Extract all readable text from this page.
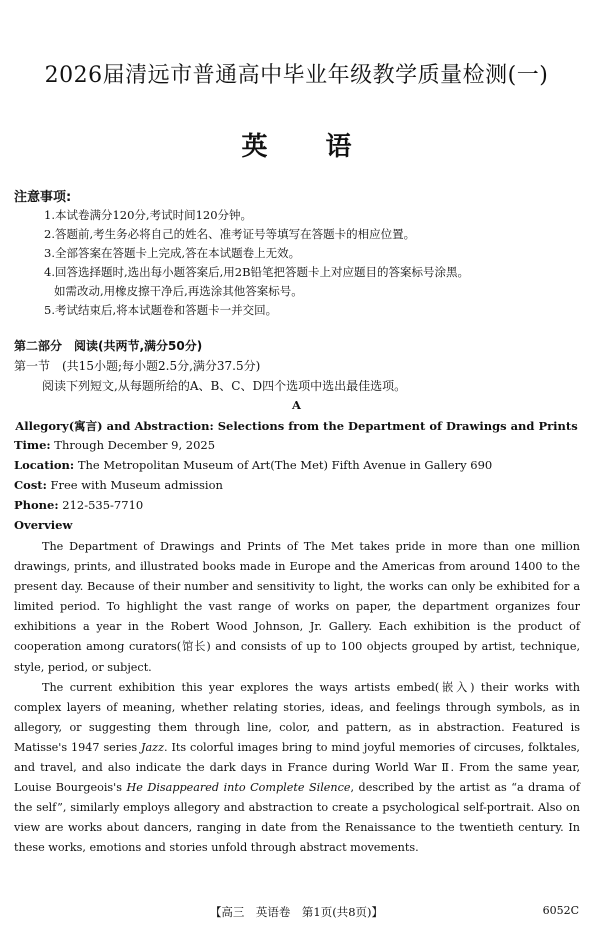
2026届清远市普通高中毕业年级教学质量检测(一)
英语
注意事项:
1.本试卷满分120分,考试时间120分钟。
2.答题前,考生务必将自己的姓名、准考证号等填写在答题卡的相应位置。
3.全部答案在答题卡上完成,答在本试题卷上无效。
4.回答选择题时,选出每小题答案后,用2B铅笔把答题卡上对应题目的答案标号涂黑。
如需改动,用橡皮擦干净后,再选涂其他答案标号。
5.考试结束后,将本试题卷和答题卡一并交回。
第二部分　阅读(共两节,满分50分)
第一节　(共15小题;每小题2.5分,满分37.5分)
阅读下列短文,从每题所给的A、B、C、D四个选项中选出最佳选项。
A
Allegory(寓言) and Abstraction: Selections from the Department of Drawings and Prints
Time: Through December 9, 2025
Location: The Metropolitan Museum of Art(The Met) Fifth Avenue in Gallery 690
Cost: Free with Museum admission
Phone: 212-535-7710
Overview

The Department of Drawings and Prints of The Met takes pride in more than one million drawings, prints, and illustrated books made in Europe and the Americas from around 1400 to the present day. Because of their number and sensitivity to light, the works can only be exhibited for a limited period. To highlight the vast range of works on paper, the department organizes four exhibitions a year in the Robert Wood Johnson, Jr. Gallery. Each exhibition is the product of cooperation among curators(馆长) and consists of up to 100 objects grouped by artist, technique, style, period, or subject.

The current exhibition this year explores the ways artists embed(嵌入) their works with complex layers of meaning, whether relating stories, ideas, and feelings through symbols, as in allegory, or suggesting them through line, color, and pattern, as in abstraction. Featured is Matisse's 1947 series Jazz. Its colorful images bring to mind joyful memories of circuses, folktales, and travel, and also indicate the dark days in France during World War Ⅱ. From the same year, Louise Bourgeois's He Disappeared into Complete Silence, described by the artist as “a drama of the self”, similarly employs allegory and abstraction to create a psychological self-portrait. Also on view are works about dancers, ranging in date from the Renaissance to the twentieth century. In these works, emotions and stories unfold through abstract movements.

【高三　英语卷　第1页(共8页)】	6052C
